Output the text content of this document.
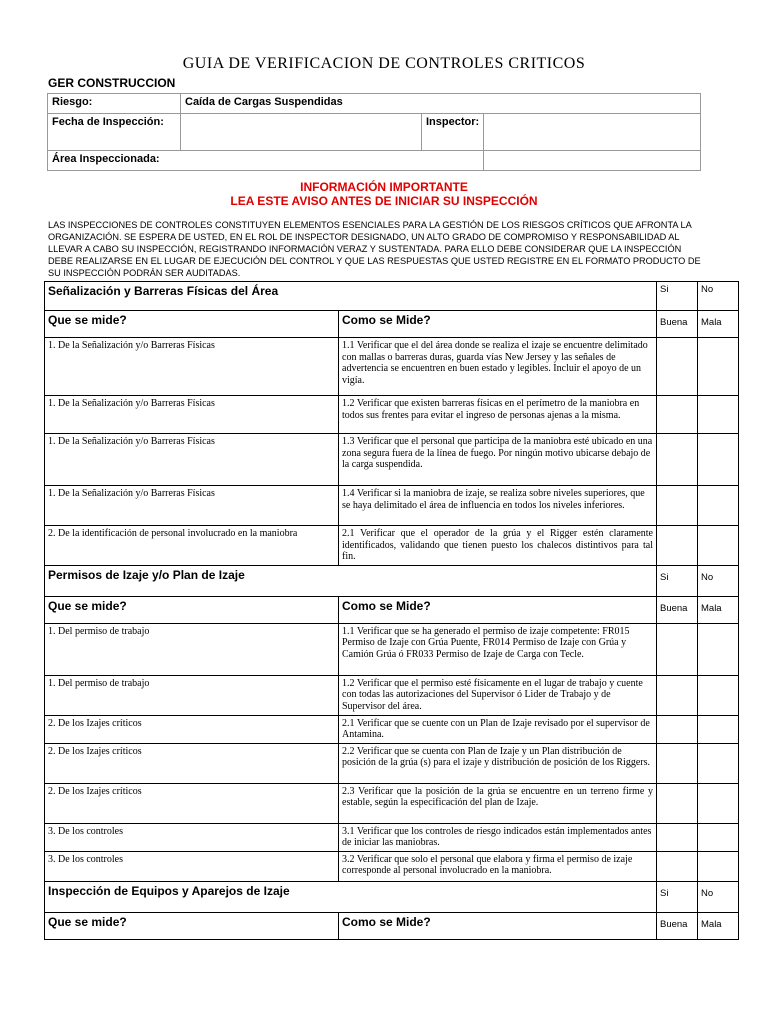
GUIA DE VERIFICACION DE CONTROLES CRITICOS
GER CONSTRUCCION
Riesgo:	Caída de Cargas Suspendidas		
Fecha de Inspección:		Inspector:	
Área Inspeccionada:			
INFORMACIÓN IMPORTANTE
LEA ESTE AVISO ANTES DE INICIAR SU INSPECCIÓN
LAS INSPECCIONES DE CONTROLES CONSTITUYEN ELEMENTOS ESENCIALES PARA LA GESTIÓN DE LOS RIESGOS CRÍTICOS QUE AFRONTA LA ORGANIZACIÓN. SE ESPERA DE USTED, EN EL ROL DE INSPECTOR DESIGNADO, UN ALTO GRADO DE COMPROMISO Y RESPONSABILIDAD AL LLEVAR A CABO SU INSPECCIÓN, REGISTRANDO INFORMACIÓN VERAZ Y SUSTENTADA. PARA ELLO DEBE CONSIDERAR QUE LA INSPECCIÓN DEBE REALIZARSE EN EL LUGAR DE EJECUCIÓN DEL CONTROL Y QUE LAS RESPUESTAS QUE USTED REGISTRE EN EL FORMATO PRODUCTO DE SU INSPECCIÓN PODRÁN SER AUDITADAS.
Señalización y Barreras Físicas del Área		Si	No
Que se mide?	Como se Mide?	Buena	Mala
1. De la Señalización y/o Barreras Físicas	1.1 Verificar que el del área donde se realiza el izaje se encuentre delimitado con mallas o barreras duras, guarda vías New Jersey y las señales de advertencia se encuentren en buen estado y legibles. Incluir el apoyo de un vigía.		
1. De la Señalización y/o Barreras Físicas	1.2 Verificar que existen barreras físicas en el perímetro de la maniobra en todos sus frentes para evitar el ingreso de personas ajenas a la misma.		
1. De la Señalización y/o Barreras Físicas	1.3 Verificar que el personal que participa de la maniobra esté ubicado en una zona segura fuera de la línea de fuego. Por ningún motivo ubicarse debajo de la carga suspendida.		
1. De la Señalización y/o Barreras Físicas	1.4 Verificar si la maniobra de izaje, se realiza sobre niveles superiores, que se haya delimitado el área de influencia en todos los niveles inferiores.		
2. De la identificación de personal involucrado en la maniobra	2.1 Verificar que el operador de la grúa y el Rigger estén claramente identificados, validando que tienen puesto los chalecos distintivos para tal fin.		
Permisos de Izaje y/o Plan de Izaje		Si	No
Que se mide?	Como se Mide?	Buena	Mala
1. Del permiso de trabajo	1.1 Verificar que se ha generado el permiso de izaje competente: FR015 Permiso de Izaje con Grúa Puente, FR014 Permiso de Izaje con Grúa y Camión Grúa ó FR033 Permiso de Izaje de Carga con Tecle.		
1. Del permiso de trabajo	1.2 Verificar que el permiso esté físicamente en el lugar de trabajo y cuente con todas las autorizaciones del Supervisor ó Lider de Trabajo y de Supervisor del área.		
2. De los Izajes críticos	2.1 Verificar que se cuente con un Plan de Izaje revisado por el supervisor de Antamina.		
2. De los Izajes críticos	2.2 Verificar que se cuenta con Plan de Izaje y un Plan distribución de posición de la grúa (s) para el izaje y distribución de posición de los Riggers.		
2. De los Izajes críticos	2.3 Verificar que la posición de la grúa se encuentre en un terreno firme y estable, según la especificación del plan de Izaje.		
3. De los controles	3.1 Verificar que los controles de riesgo indicados están implementados antes de iniciar las maniobras.		
3. De los controles	3.2 Verificar que solo el personal que elabora y firma el permiso de izaje corresponde al personal involucrado en la maniobra.		
Inspección de Equipos y Aparejos de Izaje		Si	No
Que se mide?	Como se Mide?	Buena	Mala
